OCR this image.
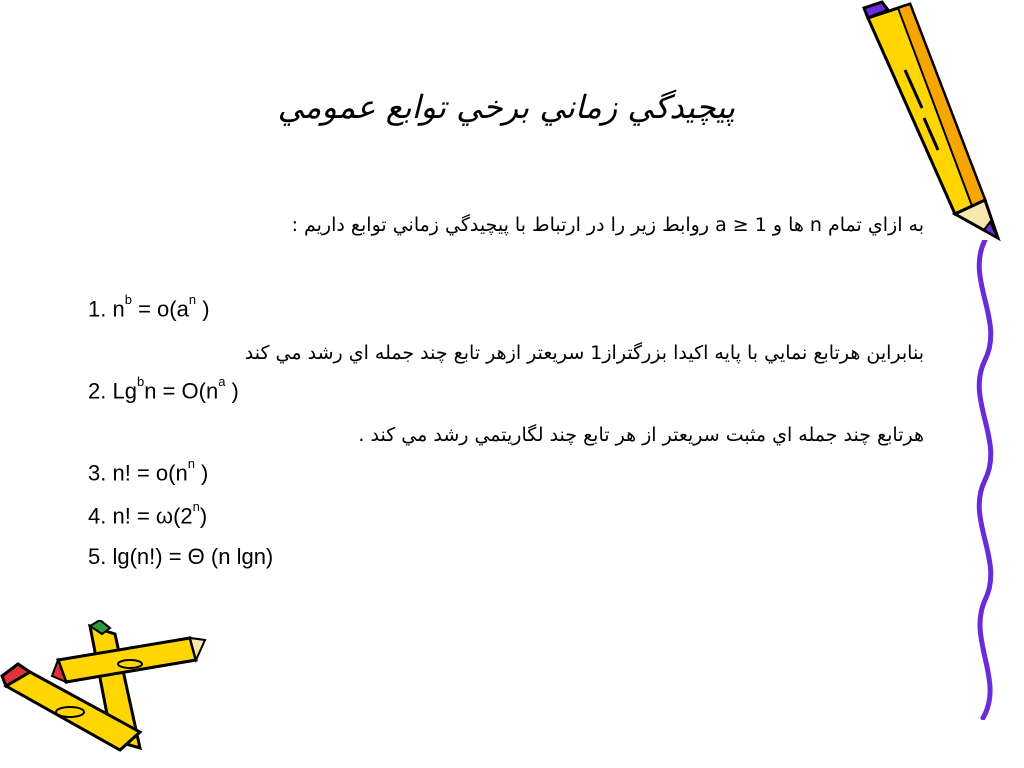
پيچيدگي زماني برخي توابع عمومي
به ازاي تمام n ها و a ≥ 1 روابط زير را در ارتباط با پيچيدگي زماني توابع داريم :
1. $n^b = o(a^n$ )
بنابراين هرتابع نمايي با پايه اكيدا بزرگتراز1 سريعتر ازهر تابع چند جمله اي رشد مي كند
2. $Lg^bn = O(n^a$ )
هرتابع چند جمله اي مثبت سريعتر از هر تابع چند لگاريتمي رشد مي كند .
3. n! = $o(n^n$ )
4. n! = $\omega(2^n)$
5. lg(n!) = Θ (n lgn)
